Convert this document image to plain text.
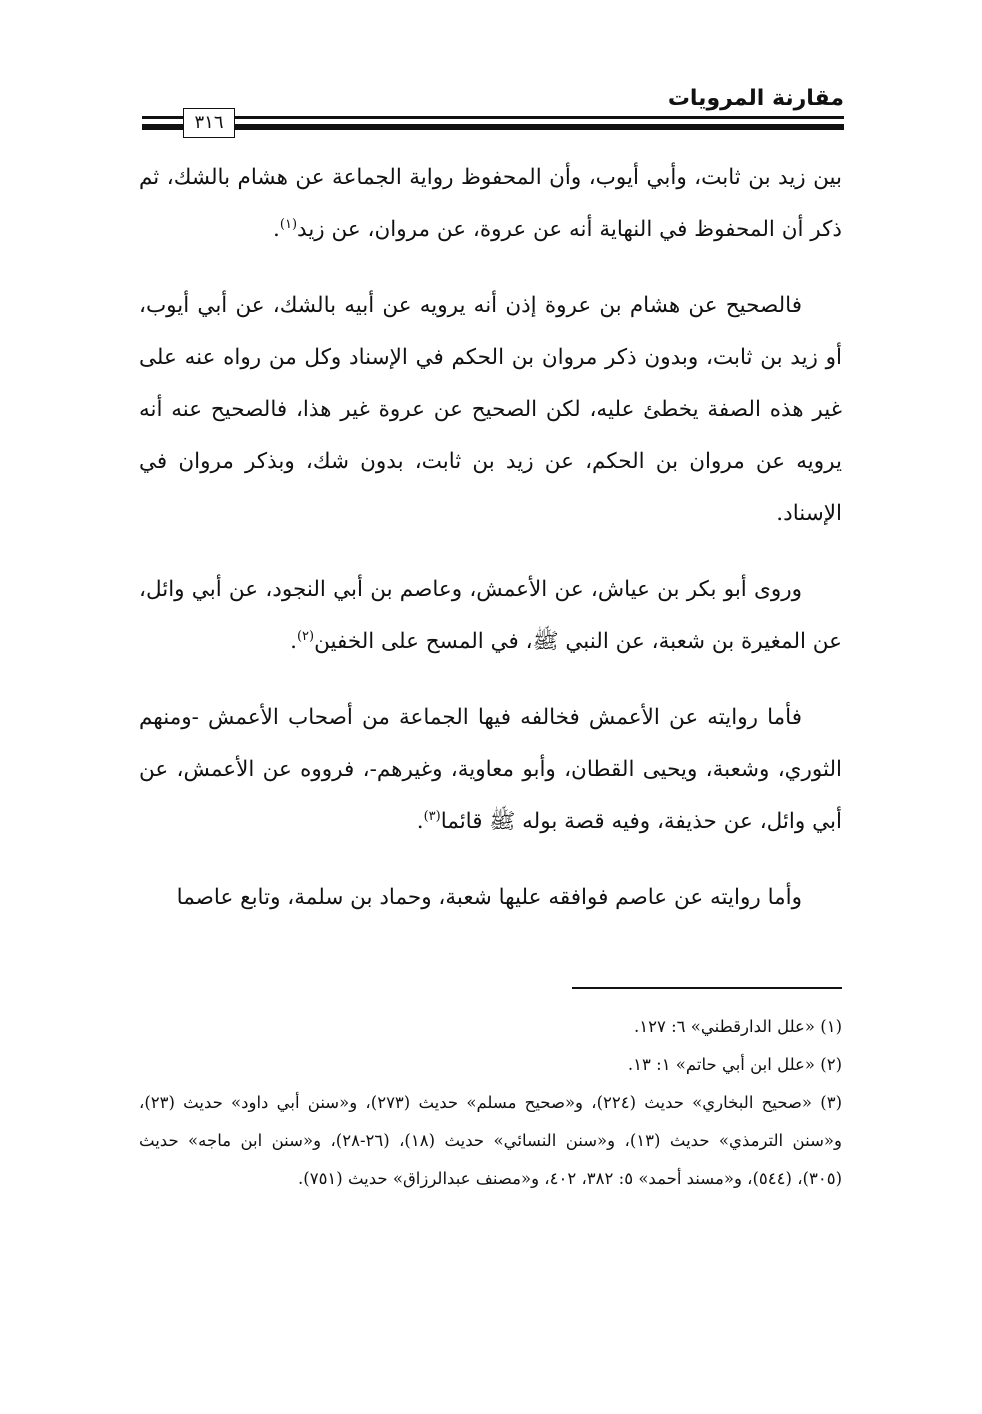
مقارنة المرويات
٣١٦

بين زيد بن ثابت، وأبي أيوب، وأن المحفوظ رواية الجماعة عن هشام بالشك، ثم ذكر أن المحفوظ في النهاية أنه عن عروة، عن مروان، عن زيد$^{(١)}$.

فالصحيح عن هشام بن عروة إذن أنه يرويه عن أبيه بالشك، عن أبي أيوب، أو زيد بن ثابت، وبدون ذكر مروان بن الحكم في الإسناد وكل من رواه عنه على غير هذه الصفة يخطئ عليه، لكن الصحيح عن عروة غير هذا، فالصحيح عنه أنه يرويه عن مروان بن الحكم، عن زيد بن ثابت، بدون شك، وبذكر مروان في الإسناد.

وروى أبو بكر بن عياش، عن الأعمش، وعاصم بن أبي النجود، عن أبي وائل، عن المغيرة بن شعبة، عن النبي ﷺ، في المسح على الخفين$^{(٢)}$.

فأما روايته عن الأعمش فخالفه فيها الجماعة من أصحاب الأعمش -ومنهم الثوري، وشعبة، ويحيى القطان، وأبو معاوية، وغيرهم-، فرووه عن الأعمش، عن أبي وائل، عن حذيفة، وفيه قصة بوله ﷺ قائما$^{(٣)}$.

وأما روايته عن عاصم فوافقه عليها شعبة، وحماد بن سلمة، وتابع عاصما

(١) «علل الدارقطني» ٦: ١٢٧.

(٢) «علل ابن أبي حاتم» ١: ١٣.

(٣) «صحيح البخاري» حديث (٢٢٤)، و«صحيح مسلم» حديث (٢٧٣)، و«سنن أبي داود» حديث (٢٣)، و«سنن الترمذي» حديث (١٣)، و«سنن النسائي» حديث (١٨)، (٢٦-٢٨)، و«سنن ابن ماجه» حديث (٣٠٥)، (٥٤٤)، و«مسند أحمد» ٥: ٣٨٢، ٤٠٢، و«مصنف عبدالرزاق» حديث (٧٥١).
